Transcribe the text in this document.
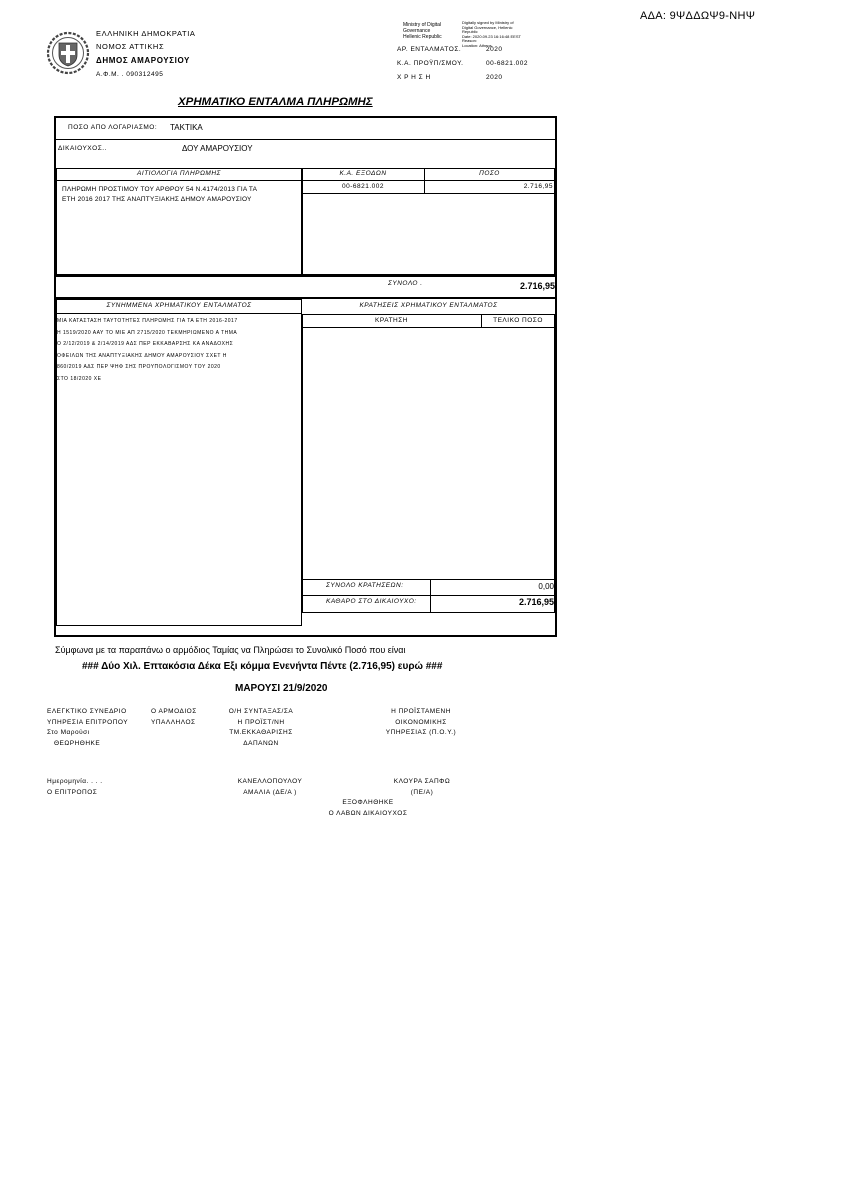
ΑΔΑ: 9ΨΔΔΩΨ9-ΝΗΨ
ΕΛΛΗΝΙΚΗ ΔΗΜΟΚΡΑΤΙΑ
ΝΟΜΟΣ ΑΤΤΙΚΗΣ
ΔΗΜΟΣ ΑΜΑΡΟΥΣΙΟΥ
Α.Φ.Μ. . 090312495
Ministry of Digital
Governance
Hellenic Republic
Digitally signed by Ministry of Digital Governance, Hellenic Republic
Date: 2020.09.23 16:16:48 EEST
Reason:
Location: Athens
ΑΡ. ΕΝΤΑΛΜΑΤΟΣ.	2020
Κ.Α. ΠΡΟΫΠ/ΣΜΟΥ.	00-6821.002
Χ Ρ Η Σ Η	2020
ΧΡΗΜΑΤΙΚΟ ΕΝΤΑΛΜΑ ΠΛΗΡΩΜΗΣ
ΠΟΣΟ ΑΠΟ ΛΟΓΑΡΙΑΣΜΟ: ΤΑΚΤΙΚΑ
ΔΙΚΑΙΟΥΧΟΣ..	ΔΟΥ ΑΜΑΡΟΥΣΙΟΥ
ΑΙΤΙΟΛΟΓΙΑ ΠΛΗΡΩΜΗΣ
ΠΛΗΡΩΜΗ ΠΡΟΣΤΙΜΟΥ ΤΟΥ ΑΡΘΡΟΥ 54 Ν.4174/2013 ΓΙΑ ΤΑ
ΕΤΗ 2016 2017 ΤΗΣ ΑΝΑΠΤΥΞΙΑΚΗΣ ΔΗΜΟΥ ΑΜΑΡΟΥΣΙΟΥ
Κ.Α. ΕΞΟΔΩΝ	ΠΟΣΟ
00-6821.002	2.716,95
ΣΥΝΟΛΟ .	2.716,95
ΣΥΝΗΜΜΕΝΑ ΧΡΗΜΑΤΙΚΟΥ ΕΝΤΑΛΜΑΤΟΣ
ΜΙΑ ΚΑΤΑΣΤΑΣΗ ΤΑΥΤΟΤΗΤΕΣ ΠΛΗΡΩΜΗΣ ΓΙΑ ΤΑ ΕΤΗ 2016-2017
Η 1519/2020 ΑΑΥ ΤΟ ΜΙΕ ΑΠ 2715/2020 ΤΕΚΜΗΡΙΩΜΕΝΟ Α ΤΗΜΑ
Ο 2/12/2019 & 2/14/2019 ΑΔΣ ΠΕΡ ΕΚΚΑΒΑΡΣΗΣ ΚΑ ΑΝΑΔΟΧΗΣ
ΟΦΕΙΛΩΝ ΤΗΣ ΑΝΑΠΤΥΞΙΑΚΗΣ ΔΗΜΟΥ ΑΜΑΡΟΥΣΙΟΥ ΣΧΕΤ Η
860/2019 ΑΔΣ ΠΕΡ ΨΗΦ ΣΗΣ ΠΡΟΥΠΟΛΟΓΙΣΜΟΥ ΤΟΥ 2020
ΣΤΟ 18/2020 ΧΕ
ΚΡΑΤΗΣΕΙΣ ΧΡΗΜΑΤΙΚΟΥ ΕΝΤΑΛΜΑΤΟΣ
ΚΡΑΤΗΣΗ	ΤΕΛΙΚΟ ΠΟΣΟ
ΣΥΝΟΛΟ ΚΡΑΤΗΣΕΩΝ:	0,00
ΚΑΘΑΡΟ ΣΤΟ ΔΙΚΑΙΟΥΧΟ:	2.716,95
Σύμφωνα με τα παραπάνω ο αρμόδιος Ταμίας να Πληρώσει το Συνολικό Ποσό που είναι
### Δύο Χιλ. Επτακόσια Δέκα Εξι κόμμα Ενενήντα Πέντε (2.716,95) ευρώ ###
ΜΑΡΟΥΣΙ 21/9/2020
ΕΛΕΓΚΤΙΚΟ ΣΥΝΕΔΡΙΟ
ΥΠΗΡΕΣΙΑ ΕΠΙΤΡΟΠΟΥ
Στο Μαρούσι
ΘΕΩΡΗΘΗΚΕ
Ο ΑΡΜΟΔΙΟΣ
ΥΠΑΛΛΗΛΟΣ
Ο/Η ΣΥΝΤΑΞΑΣ/ΣΑ
Η ΠΡΟΪΣΤ/ΝΗ
ΤΜ.ΕΚΚΑΘΑΡΙΣΗΣ
ΔΑΠΑΝΩΝ
Η ΠΡΟΪΣΤΑΜΕΝΗ
ΟΙΚΟΝΟΜΙΚΗΣ
ΥΠΗΡΕΣΙΑΣ (Π.Ο.Υ.)
Ημερομηνία. . . .
Ο ΕΠΙΤΡΟΠΟΣ
ΚΑΝΕΛΛΟΠΟΥΛΟΥ
ΑΜΑΛΙΑ (ΔΕ/Α )
ΚΛΟΥΡΑ ΣΑΠΦΩ
(ΠΕ/Α)
ΕΞΟΦΛΗΘΗΚΕ
Ο ΛΑΒΩΝ ΔΙΚΑΙΟΥΧΟΣ
